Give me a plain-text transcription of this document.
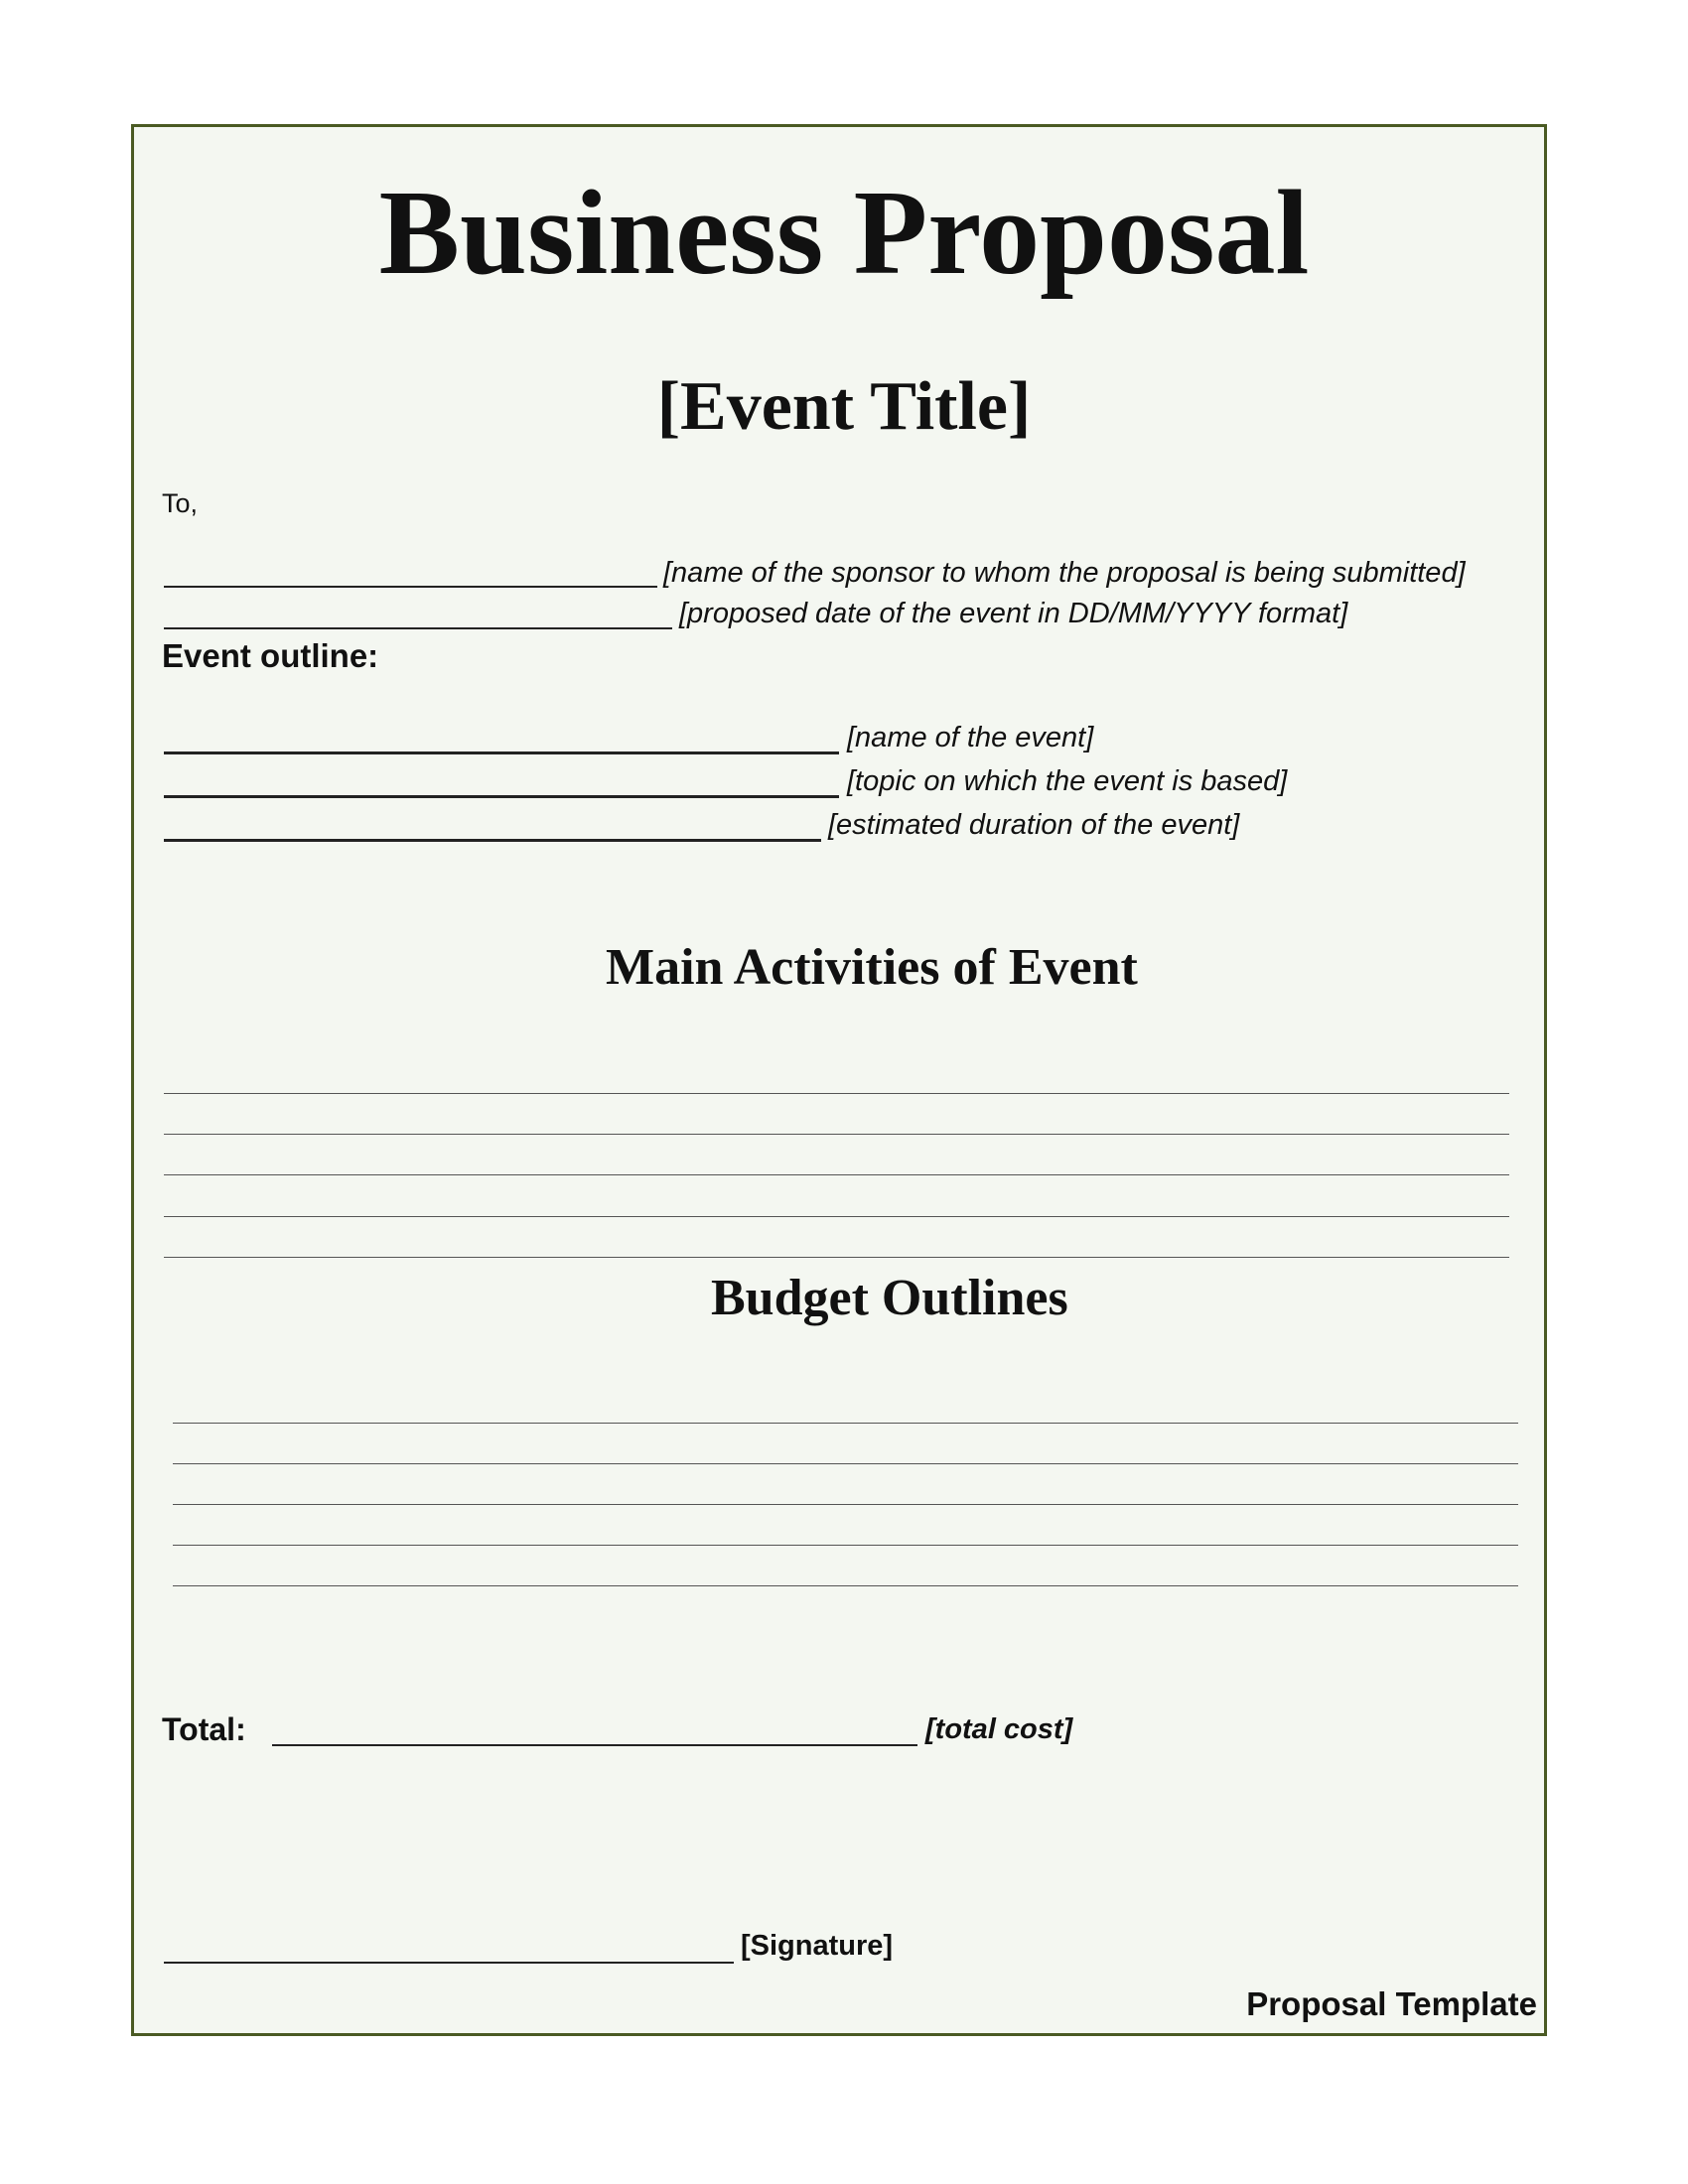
Business Proposal
[Event Title]
To,
[name of the sponsor to whom the proposal is being submitted]
[proposed date of the event in DD/MM/YYYY format]
Event outline:
[name of the event]
[topic on which the event is based]
[estimated duration of the event]
Main Activities of Event
Budget Outlines
Total:	[total cost]
[Signature]
Proposal Template
